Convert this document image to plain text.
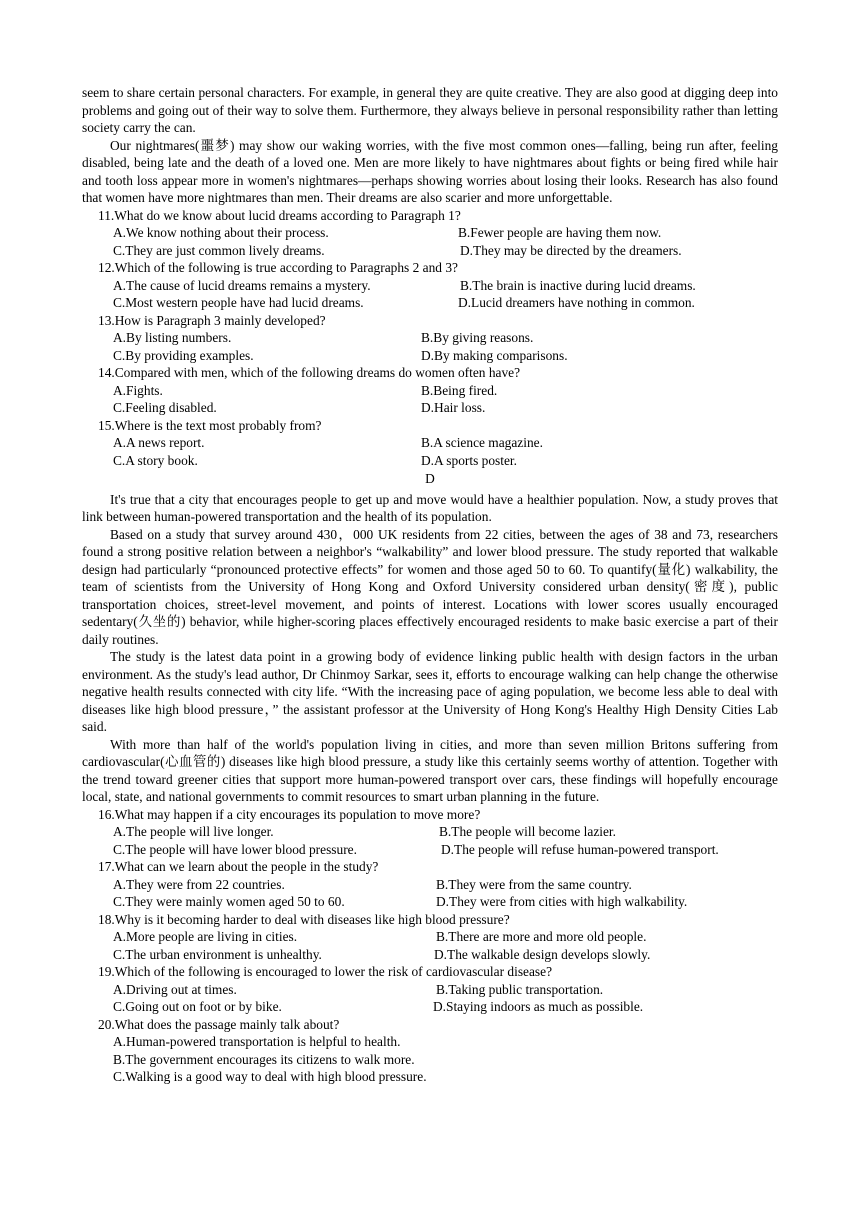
seem to share certain personal characters. For example, in general they are quite creative. They are also good at digging deep into problems and going out of their way to solve them. Furthermore, they always believe in personal responsibility rather than letting society carry the can.

Our nightmares(噩梦) may show our waking worries, with the five most common ones—falling, being run after, feeling disabled, being late and the death of a loved one. Men are more likely to have nightmares about fights or being fired while hair and tooth loss appear more in women's nightmares—perhaps showing worries about losing their looks. Research has also found that women have more nightmares than men. Their dreams are also scarier and more unforgettable.

11.What do we know about lucid dreams according to Paragraph 1?

A.We know nothing about their process.	B.Fewer people are having them now.
C.They are just common lively dreams.	D.They may be directed by the dreamers.

12.Which of the following is true according to Paragraphs 2 and 3?

A.The cause of lucid dreams remains a mystery.	B.The brain is inactive during lucid dreams.
C.Most western people have had lucid dreams.	D.Lucid dreamers have nothing in common.

13.How is Paragraph 3 mainly developed?

A.By listing numbers.	B.By giving reasons.
C.By providing examples.	D.By making comparisons.

14.Compared with men, which of the following dreams do women often have?

A.Fights.	B.Being fired.
C.Feeling disabled.	D.Hair loss.

15.Where is the text most probably from?

A.A news report.	B.A science magazine.
C.A story book.	D.A sports poster.

D

It's true that a city that encourages people to get up and move would have a healthier population. Now, a study proves that link between human-powered transportation and the health of its population.

Based on a study that survey around 430，000 UK residents from 22 cities, between the ages of 38 and 73, researchers found a strong positive relation between a neighbor's “walkability” and lower blood pressure. The study reported that walkable design had particularly “pronounced protective effects” for women and those aged 50 to 60. To quantify(量化) walkability, the team of scientists from the University of Hong Kong and Oxford University considered urban density(密度), public transportation choices, street-level movement, and points of interest. Locations with lower scores usually encouraged sedentary(久坐的) behavior, while higher-scoring places effectively encouraged residents to make basic exercise a part of their daily routines.

The study is the latest data point in a growing body of evidence linking public health with design factors in the urban environment. As the study's lead author, Dr Chinmoy Sarkar, sees it, efforts to encourage walking can help change the otherwise negative health results connected with city life. “With the increasing pace of aging population, we become less able to deal with diseases like high blood pressure，” the assistant professor at the University of Hong Kong's Healthy High Density Cities Lab said.

With more than half of the world's population living in cities, and more than seven million Britons suffering from cardiovascular(心血管的) diseases like high blood pressure, a study like this certainly seems worthy of attention. Together with the trend toward greener cities that support more human-powered transport over cars, these findings will hopefully encourage local, state, and national governments to commit resources to smart urban planning in the future.

16.What may happen if a city encourages its population to move more?

A.The people will live longer.	B.The people will become lazier.
C.The people will have lower blood pressure.	D.The people will refuse human-powered transport.

17.What can we learn about the people in the study?

A.They were from 22 countries.	B.They were from the same country.
C.They were mainly women aged 50 to 60.	D.They were from cities with high walkability.

18.Why is it becoming harder to deal with diseases like high blood pressure?

A.More people are living in cities.	B.There are more and more old people.
C.The urban environment is unhealthy.	D.The walkable design develops slowly.

19.Which of the following is encouraged to lower the risk of cardiovascular disease?

A.Driving out at times.	B.Taking public transportation.
C.Going out on foot or by bike.	D.Staying indoors as much as possible.

20.What does the passage mainly talk about?

A.Human-powered transportation is helpful to health.
B.The government encourages its citizens to walk more.
C.Walking is a good way to deal with high blood pressure.
